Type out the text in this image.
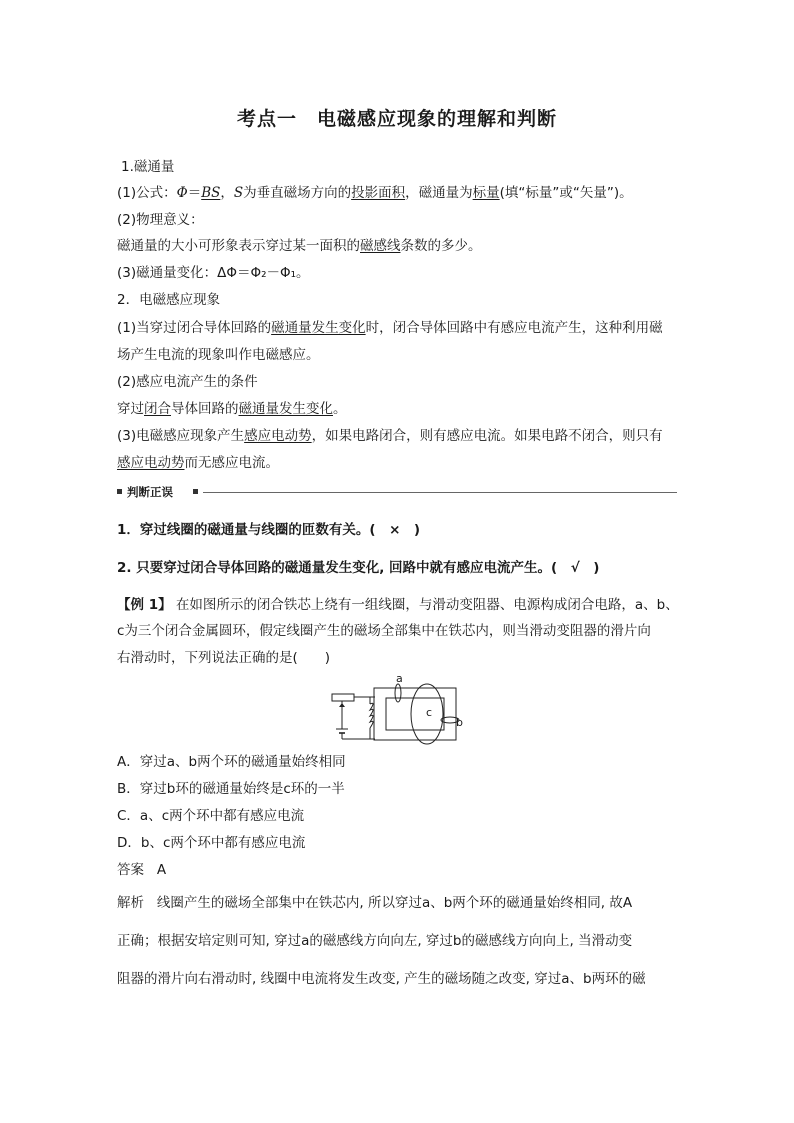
考点一　电磁感应现象的理解和判断
1.磁通量
(1)公式：Φ＝BS，S为垂直磁场方向的投影面积，磁通量为标量(填“标量”或“矢量”)。
(2)物理意义：
磁通量的大小可形象表示穿过某一面积的磁感线条数的多少。
(3)磁通量变化：ΔΦ＝Φ₂－Φ₁。
2．电磁感应现象
(1)当穿过闭合导体回路的磁通量发生变化时，闭合导体回路中有感应电流产生，这种利用磁
场产生电流的现象叫作电磁感应。
(2)感应电流产生的条件
穿过闭合导体回路的磁通量发生变化。
(3)电磁感应现象产生感应电动势，如果电路闭合，则有感应电流。如果电路不闭合，则只有
感应电动势而无感应电流。
判断正误
1．穿过线圈的磁通量与线圈的匝数有关。(　×　)
2. 只要穿过闭合导体回路的磁通量发生变化, 回路中就有感应电流产生。(　√　)
【例 1】 在如图所示的闭合铁芯上绕有一组线圈，与滑动变阻器、电源构成闭合电路，a、b、
c为三个闭合金属圆环，假定线圈产生的磁场全部集中在铁芯内，则当滑动变阻器的滑片向
右滑动时，下列说法正确的是(　　)
a
c
b
A．穿过a、b两个环的磁通量始终相同
B．穿过b环的磁通量始终是c环的一半
C．a、c两个环中都有感应电流
D．b、c两个环中都有感应电流
答案 A
解析 线圈产生的磁场全部集中在铁芯内, 所以穿过a、b两个环的磁通量始终相同, 故A
正确；根据安培定则可知, 穿过a的磁感线方向向左, 穿过b的磁感线方向向上, 当滑动变
阻器的滑片向右滑动时, 线圈中电流将发生改变, 产生的磁场随之改变, 穿过a、b两环的磁
